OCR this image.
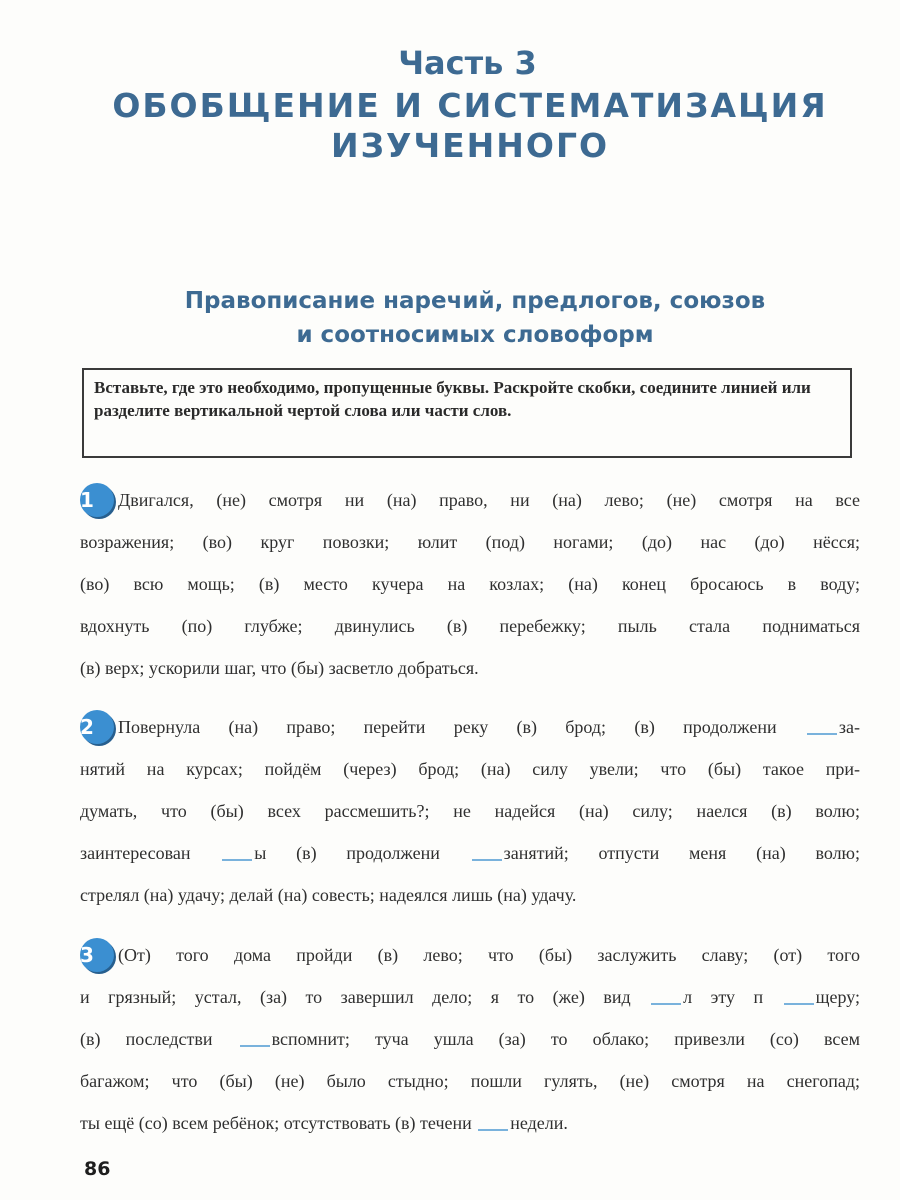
Часть 3
ОБОБЩЕНИЕ И СИСТЕМАТИЗАЦИЯ
ИЗУЧЕННОГО
Правописание наречий, предлогов, союзов
и соотносимых словоформ
Вставьте, где это необходимо, пропущенные буквы. Раскройте скобки, соедините линией или разделите вертикальной чертой слова или части слов.
1 Двигался, (не) смотря ни (на) право, ни (на) лево; (не) смотря на все
возражения; (во) круг повозки; юлит (под) ногами; (до) нас (до) нёсся;
(во) всю мощь; (в) место кучера на козлах; (на) конец бросаюсь в воду;
вдохнуть (по) глубже; двинулись (в) перебежку; пыль стала подниматься
(в) верх; ускорили шаг, что (бы) засветло добраться.
2 Повернула (на) право; перейти реку (в) брод; (в) продолжени	за-
нятий на курсах; пойдём (через) брод; (на) силу увели; что (бы) такое при-
думать, что (бы) всех рассмешить?; не надейся (на) силу; наелся (в) волю;
заинтересован	ы (в) продолжени	занятий; отпусти меня (на) волю;
стрелял (на) удачу; делай (на) совесть; надеялся лишь (на) удачу.
3 (От) того дома пройди (в) лево; что (бы) заслужить славу; (от) того
и грязный; устал, (за) то завершил дело; я то (же) вид	л эту п	щеру;
(в) последстви	вспомнит; туча ушла (за) то облако; привезли (со) всем
багажом; что (бы) (не) было стыдно; пошли гулять, (не) смотря на снегопад;
ты ещё (со) всем ребёнок; отсутствовать (в) течени недели.
86
